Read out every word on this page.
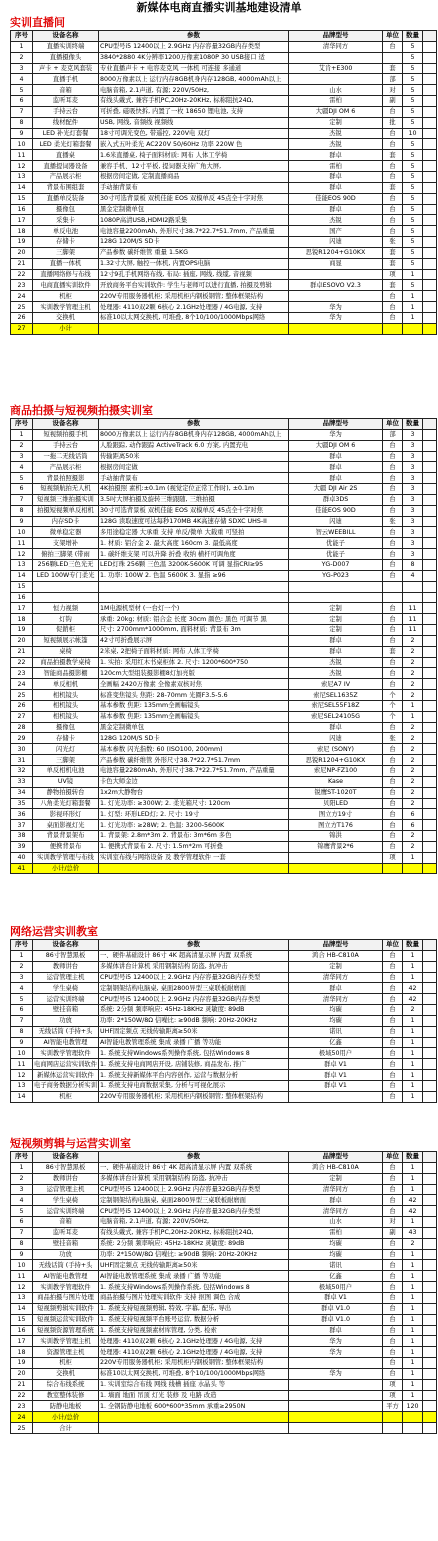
新媒体电商直播实训基地建设清单
实训直播间
序号	设备名称	参数	品牌型号	单位	数量	
1	直播实训终端	CPU型号i5 12400以上 2.9GHz 内存容量32GB内存类型	清华同方	台	5	
2	直播摄像头	3840*2880 4K分辨率1200万像素1080P 30 USB接口 适			5	
3	声卡 + 麦克风套装	专业直播声卡 + 电容麦克风 一体机 可连接 多通道	艾肯+E300	套	5	
4	直播手机	8000万像素以上 运行内存8GB机身内存128GB, 4000mAh以上		部	5	
5	音箱	电脑音箱, 2.1声道, 有源; 220V/50Hz,	山水	对	5	
6	监听耳麦	有线头戴式, 兼容手机PC,20Hz-20KHz, 标称阻抗24Ω,	雷柏	副	5	
7	手持云台	可折叠, 磁吸快拆, 内置了一枚 18650 锂电池, 支持	大疆DJI OM 6	台	5	
8	线材配件	USB, 网线, 音频线 视频线	定制	批	5	
9	LED 补光灯套餐	18寸可调光变色, 带遥控, 220V电 双灯	杰锐	台	10	
10	LED 柔光灯箱套餐	嵌入式五叶柔光 AC220V 50/60Hz 功率 220W 色	杰锐	台	5	
11	直播桌	1.6米直播桌, 椅子面料材质: 网布 人体工学椅	群卓	套	5	
12	直播提词器设备	兼容手机、12寸平板, 提词器支持广角大屏,	雷柏	台	5	
13	产品展示柜	根据房间定做, 定制直播商品	群卓	台	5	
14	背景布围组套	手动抽背景布	群卓	套	5	
15	直播单反装备	30寸可选背景板 双机佳能 EOS 双模单反 45点全十字对焦	佳能EOS 90D	台	5	
16	摄像包	黑金定制微单包	群卓	台	5	
17	采集卡	1080P高清USB,HDMI2路采集	杰锐	台	5	
18	单反电池	电池容量2200mAh, 外形尺寸38.7*22.7*51.7mm, 产品重量	国产	台	5	
19	存储卡	128G 120M/S SD卡	闪迪	张	5	
20	三脚架	产品参数 碳纤维管 重量 1.5KG	思锐R1204+G10KX	套	5	
21	直播一体机	1.32寸大屏, 触控一体机, 内置OPS电脑	商显	套	5	
22	直播网络修与布线	12寸9孔手机网络布线, 布局: 插座, 网线, 线缆, 音视频		项	1	
23	电商直播实训软件	开放商务平台实训软件: 学生与老师可以进行直播, 拍摄及剪辑	群卓ESOVO V2.3	套	5	
24	机柜	220V专用服务器机柜; 采用机柜内钢板钢管; 整体框架结构		台	1	
25	实训教学管理主机	处理器: 4110双2颗 6核心 2.1GHz处理器 / 4G电源, 支持	华为	台	1	
26	交换机	标准10以太网交换机, 可堆叠, 8个10/100/1000Mbps网络	华为	台	1	
27	小计					
商品拍摄与短视频拍摄实训室
序号	设备名称	参数	品牌型号	单位	数量	
1	短视频拍摄手机	8000万像素以上 运行内存8GB机身内存128GB, 4000mAh以上	华为	部	3	
2	手持云台	人脸跟踪, 动作跟踪 ActiveTrack 6.0 方案, 内置充电	大疆DJI OM 6	台	3	
3	一拖二无线话筒	传输距离50米	群卓	台	3	
4	产品展示柜	根据房间定做	群卓	台	3	
5	背景拍照摄影	手动抽背景布	群卓	台	3	
6	短视频航拍无人机	4K拍摄照 素机:±0.1m (视觉定位正常工作时), ±0.1m	大疆 DJI Air 2S	台	3	
7	短视频三维拍摄实训	3.5吋大屏拍摄及旋转三维跟随, 三维拍摄	群卓3DS	台	3	
8	拍摄短视频单反相机	30寸可选背景板 双机佳能 EOS 双模单反 45点全十字对焦	佳能EOS 90D	台	3	
9	内存SD卡	128G 读取速度可达每秒170MB 4K高速存储 SDXC UHS-II	闪迪	张	3	
10	微单稳定器	多用途稳定器 大承重 支持 单反/微单 大载重 可竖拍	智云WEEBILL	台	3	
11	支架增补	1. 材质: 铝合金 2. 最大高度 160cm 3. 最低高度	优能子	台	3	
12	俯拍三脚架 (带雨	1. 碳纤维支架 可以升降 折叠 收纳 横杆可调角度	优能子	台	3	
13	256颗LED三色光无	LED灯珠 256颗 三色温 3200K-5600K 可调 显指CRI≥95	YG-D007	台	8	
14	LED 100W专门柔光	1. 功率: 100W 2. 色温 5600K 3. 显指 ≥96	YG-P023	台	4	
15						
16						
17	恒力视频	1M电源机型材 (一台灯一个)	定制	台	11	
18	灯钩	承重: 20kg; 材质: 铝合金 长度 30cm 颜色: 黑色 可调节 黑	定制	台	11	
19	促銷柜	尺寸: 2700mm*1000mm, 面料材质: 背景布 3m	定制	台	11	
20	短视频展示帐篷	42寸可折叠展示屏	群卓	台	2	
21	桌椅	2米桌, 2把椅子面料材质: 网布 人体工学椅	群卓	套	2	
22	商品拍摄教学桌椅	1. 实拍: 采用红木书桌柜体 2. 尺寸: 1200*600*750	杰锐	台	2	
23	智能商品摄影棚	120cm大型组装摄影棚8灯加亮版	杰锐	台	2	
24	单反相机	全画幅 2420万像素 全像素双核对焦	索尼A7 IV	台	2	
25	相机镜头	标准变焦镜头 焦距: 28-70mm 光圈F3.5-5.6	索尼SEL1635Z	个	2	
26	相机镜头	基本参数 焦距: 135mm全画幅镜头	索尼SEL55F18Z	个	1	
27	相机镜头	基本参数 焦距: 135mm全画幅镜头	索尼SEL24105G	个	1	
28	摄像包	黑金定制微单包	群卓	台	2	
29	存储卡	128G 120M/S SD卡	闪迪	张	2	
30	闪光灯	基本参数 闪光指数: 60 (ISO100, 200mm)	索尼 (SONY)	台	2	
31	三脚架	产品参数 碳纤维管 外形尺寸38.7*22.7*51.7mm	思锐R1204+G10KX	台	2	
32	单反相机电池	电池容量2280mAh, 外形尺寸38.7*22.7*51.7mm, 产品重量	索尼NP-FZ100	台	2	
33	UV镜	卡色大师金边	Kase	台	2	
34	静物拍摄转台	1x2m大静物台	锐鹰ST-1020T	台	2	
35	八角柔光灯箱套餐	1. 灯光功率: ≥300W; 2. 柔光箱尺寸: 120cm	贝阳LED	台	2	
36	影视环形灯	1. 灯型: 环形LED灯; 2. 尺寸: 19寸	图立方19寸	台	6	
37	桌面影视灯光	1. 灯光功率: ≥28W; 2. 色温: 3200-5600K	图立方T176	台	6	
38	背景背景架布	1. 背景架: 2.8m*3m 2. 背景布: 3m*6m 多色	锦洪	台	2	
39	便携背景布	1. 便携式背景布 2. 尺寸: 1.5m*2m 可折叠	锦鹰背景2*6	台	2	
40	实训教学管理与布线	实训室布线与网络设备 及 教学管理软件 一套		项	1	
41	小计/总价					
网络运营实训教室
序号	设备名称	参数	品牌型号	单位	数量	
1	86寸智慧黑板	一、硬件基础设计 86寸 4K 超高清显示屏 内置 双系统	鸿合 HB-C810A	台	1	
2	教师讲台	多媒体讲台计算机 采用钢制结构 防盗, 抗冲击	定制	台	1	
3	运营管理主机	CPU型号i5 12400以上 2.9GHz 内存容量32GB内存类型	清华同方	台	1	
4	学生桌椅	定制钢架结构电脑桌, 桌面2800异型三桌联板耐磨面	群卓	台	42	
5	运营实训终端	CPU型号i5 12400以上 2.9GHz 内存容量32GB内存类型	清华同方	台	42	
6	壁挂音箱	系统: 2分频 频率响应: 45Hz-18KHz 灵敏度: 89dB	均碳	台	2	
7	功放	功率: 2*150W/8Ω 信噪比: ≥90dB 频响: 20Hz-20KHz	均碳	台	1	
8	无线话筒 (手持+头	UHF固定频点 无线传输距离≥50米	诺讯	台	1	
9	AI智能电教管理	AI智能电教管理系统 集成 录播 广播 等功能	亿鑫	台	1	
10	实训教学管理软件	1. 系统支持Windows系列操作系统, 包括Windows 8	极域50用户	台	1	
11	电商网店运营实训软件	1. 系统支持电商网店开设, 店铺装修, 商品发布, 推广	群卓 V1	台	1	
12	新媒体运营实训软件	1. 系统支持新媒体平台内容创作, 运营与数据分析	群卓 V1	台	1	
13	电子商务数据分析实训	1. 系统支持电商数据采集, 分析与可视化展示	群卓 V1	台	1	
14	机柜	220V专用服务器机柜; 采用机柜内钢板钢管; 整体框架结构		台	1	
短视频剪辑与运营实训室
序号	设备名称	参数	品牌型号	单位	数量	
1	86寸智慧黑板	一、硬件基础设计 86寸 4K 超高清显示屏 内置 双系统	鸿合 HB-C810A	台	1	
2	教师讲台	多媒体讲台计算机 采用钢制结构 防盗, 抗冲击	定制	台	1	
3	运营管理主机	CPU型号i5 12400以上 2.9GHz 内存容量32GB内存类型	清华同方	台	1	
4	学生桌椅	定制钢架结构电脑桌, 桌面2800异型三桌联板耐磨面	群卓	台	42	
5	运营实训终端	CPU型号i5 12400以上 2.9GHz 内存容量32GB内存类型	清华同方	台	42	
6	音箱	电脑音箱, 2.1声道, 有源; 220V/50Hz,	山水	对	1	
7	监听耳麦	有线头戴式, 兼容手机PC,20Hz-20KHz, 标称阻抗24Ω,	雷柏	副	43	
8	壁挂音箱	系统: 2分频 频率响应: 45Hz-18KHz 灵敏度: 89dB	均碳	台	2	
9	功放	功率: 2*150W/8Ω 信噪比: ≥90dB 频响: 20Hz-20KHz	均碳	台	1	
10	无线话筒 (手持+头	UHF固定频点 无线传输距离≥50米	诺讯	台	1	
11	AI智能电教管理	AI智能电教管理系统 集成 录播 广播 等功能	亿鑫	台	1	
12	实训教学管理软件	1. 系统支持Windows系列操作系统, 包括Windows 8	极域50用户	台	1	
13	商品拍摄与图片处理	商品拍摄与图片处理实训软件 支持 抠图 调色 合成	群卓 V1	台	1	
14	短视频剪辑实训软件	1. 系统支持短视频剪辑, 特效, 字幕, 配乐, 导出	群卓 V1.0	台	1	
15	短视频运营实训软件	1. 系统支持短视频平台账号运营, 数据分析	群卓 V1.0	台	1	
16	短视频资源管理系统	1. 系统支持短视频素材库管理, 分类, 检索	群卓	台	1	
17	实训教学管理主机	处理器: 4110双2颗 6核心 2.1GHz处理器 / 4G电源, 支持	华为	台	1	
18	资源管理主机	处理器: 4110双2颗 6核心 2.1GHz处理器 / 4G电源, 支持	华为	台	1	
19	机柜	220V专用服务器机柜; 采用机柜内钢板钢管; 整体框架结构		台	1	
20	交换机	标准10以太网交换机, 可堆叠, 8个10/100/1000Mbps网络	华为	台	1	
21	综合布线系统	1. 实训室综合布线 网线 线槽 插座 水晶头 等		项	1	
22	教室整体装修	1. 墙面 地面 吊顶 灯光 装修 及 电路 改造		项	1	
23	防静电地板	1. 全钢防静电地板 600*600*35mm 承重≥2950N		平方	120	
24	小计/总价					
25	合计					
